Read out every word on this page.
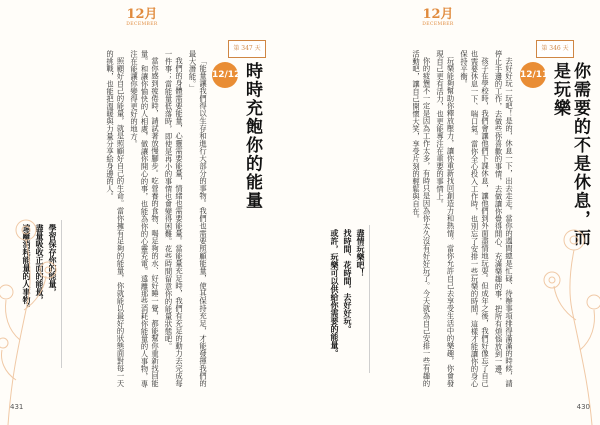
12月
DECEMBER

「能量讓我們得以生存和進行大部分的事物。我們也需要照顧能量，使其保持充足，才能發揮我們的最大潛能。」

我們的身體需要能量，心靈需要能量，情緒也需要能量。當能量充足時，我們有充足的動力去完成每一件事；當能量低落時，即使是再小的事情也會變得困難。花些時間留意你的能量狀態吧。

當你感到疲倦時，請試著放慢腳步。吃營養的食物、喝足夠的水、好好睡一覺，都能幫你重新找回能量。和讓你愉快的人相處，做讓你開心的事，也能為你的心靈充電。遠離那些消耗你能量的人事物，專注在能讓你變得更好的地方。

照顧好自己的能量，就是照顧好自己的生命。當你擁有足夠的能量，你就能以最好的狀態面對每一天的挑戰，也能把溫暖與力量分享給身邊的人。

第 347 天
12/12 時時充飽你的能量
學習保存你的能量，
盡量吸收正面的能量，
遠離消耗能量的人事物。
431
12月
DECEMBER
第 346 天
12/11	你需要的不是休息，而是玩樂

去好好玩一玩吧！是的，休息一下，出去走走。當你的週間總是忙碌、待辦事項排得滿滿的時候，請停止手邊的工作，去做些你喜歡的事情，去做讓你覺得開心、充滿樂趣的事，把所有煩惱放到一邊。

孩子在學校時，我們會讓他們下課休息，讓他們到外面盡情地玩耍。但成年之後，我們好像忘了自己也需要休息一下、喘口氣。當你全心投入工作時，也別忘了安排一些玩樂的時間，這樣才能讓你的身心保持平衡。

玩樂能夠幫助你釋放壓力，讓你重新找回創造力和熱情。當你允許自己去享受生活中的樂趣，你會發現自己更有活力，也更能專注在重要的事情上。

你的疲憊不一定是因為工作太多，有時只是因為你太久沒有好好玩了。今天就為自己安排一些有趣的活動吧，讓自己開懷大笑，享受片刻的輕鬆與自在。

盡情玩樂吧！
找時間、花時間，去好好玩。
或許，玩樂可以供給你需要的能量。
430
